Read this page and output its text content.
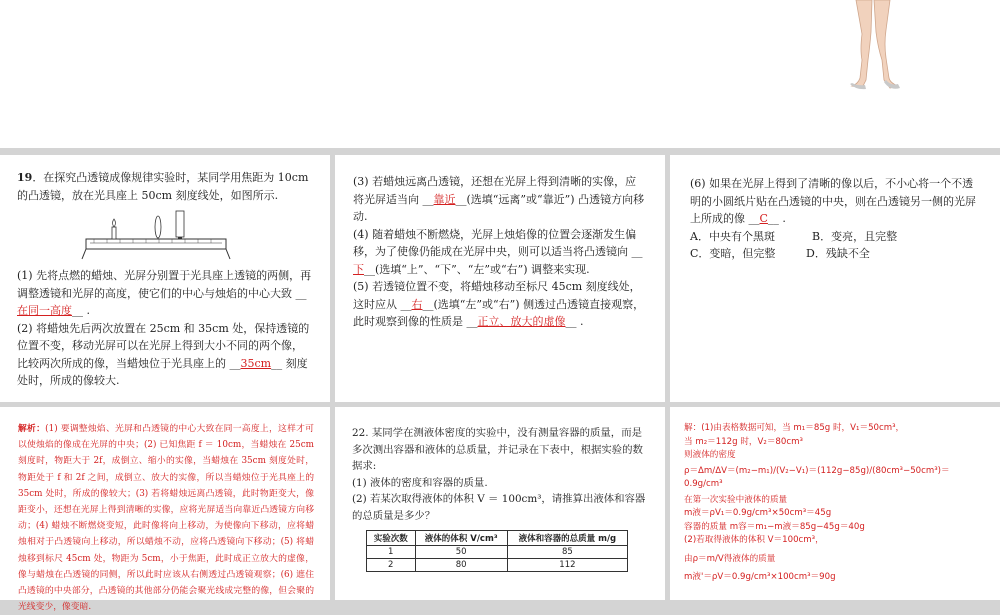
19．在探究凸透镜成像规律实验时，某同学用焦距为 10cm 的凸透镜，放在光具座上 50cm 刻度线处，如图所示.

(1) 先将点燃的蜡烛、光屏分别置于光具座上透镜的两侧，再调整透镜和光屏的高度，使它们的中心与烛焰的中心大致 __在同一高度__ .

(2) 将蜡烛先后两次放置在 25cm 和 35cm 处，保持透镜的位置不变，移动光屏可以在光屏上得到大小不同的两个像，比较两次所成的像，当蜡烛位于光具座上的 __35cm__ 刻度处时，所成的像较大.

(3) 若蜡烛远离凸透镜，还想在光屏上得到清晰的实像，应将光屏适当向 __靠近__(选填“远离”或“靠近”) 凸透镜方向移动.

(4) 随着蜡烛不断燃烧，光屏上烛焰像的位置会逐渐发生偏移，为了使像仍能成在光屏中央，则可以适当将凸透镜向 __下__(选填“上”、“下”、“左”或“右”) 调整来实现.

(5) 若透镜位置不变，将蜡烛移动至标尺 45cm 刻度线处，这时应从 __右__(选填“左”或“右”) 侧透过凸透镜直接观察，此时观察到像的性质是 __正立、放大的虚像__ .

(6) 如果在光屏上得到了清晰的像以后，不小心将一个不透明的小圆纸片贴在凸透镜的中央，则在凸透镜另一侧的光屏上所成的像 __C__ .

A．中央有个黑斑	B．变亮，且完整
C．变暗，但完整	D．残缺不全
解析：(1) 要调整烛焰、光屏和凸透镜的中心大致在同一高度上，这样才可以使烛焰的像成在光屏的中央；(2) 已知焦距 f ＝ 10cm，当蜡烛在 25cm 刻度时，物距大于 2f，成倒立、缩小的实像，当蜡烛在 35cm 刻度处时，物距处于 f 和 2f 之间，成倒立、放大的实像，所以当蜡烛位于光具座上的 35cm 处时，所成的像较大；(3) 若将蜡烛远离凸透镜，此时物距变大，像距变小，还想在光屏上得到清晰的实像，应将光屏适当向靠近凸透镜方向移动；(4) 蜡烛不断燃烧变短，此时像将向上移动，为使像向下移动，应将蜡烛相对于凸透镜向上移动，所以蜡烛不动，应将凸透镜向下移动；(5) 将蜡烛移到标尺 45cm 处，物距为 5cm，小于焦距，此时成正立放大的虚像，像与蜡烛在凸透镜的同侧，所以此时应该从右侧透过凸透镜观察；(6) 遮住凸透镜的中央部分，凸透镜的其他部分仍能会聚光线成完整的像，但会聚的光线变少，像变暗.

22. 某同学在测液体密度的实验中，没有测量容器的质量，而是多次测出容器和液体的总质量，并记录在下表中，根据实验的数据求:

(1) 液体的密度和容器的质量.

(2) 若某次取得液体的体积 V ＝ 100cm³，请推算出液体和容器的总质量是多少？

实验次数	液体的体积 V/cm³	液体和容器的总质量 m/g
1	50	85
2	80	112

解：(1)由表格数据可知，当 m₁＝85g 时，V₁＝50cm³，

当 m₂＝112g 时，V₂＝80cm³

则液体的密度

ρ＝Δm/ΔV＝(m₂−m₁)/(V₂−V₁)＝(112g−85g)/(80cm³−50cm³)＝0.9g/cm³

在第一次实验中液体的质量

m液＝ρV₁＝0.9g/cm³×50cm³＝45g

容器的质量 m容＝m₁−m液＝85g−45g＝40g

(2)若取得液体的体积 V＝100cm³，

由ρ＝m/V得液体的质量

m液'＝ρV＝0.9g/cm³×100cm³＝90g
